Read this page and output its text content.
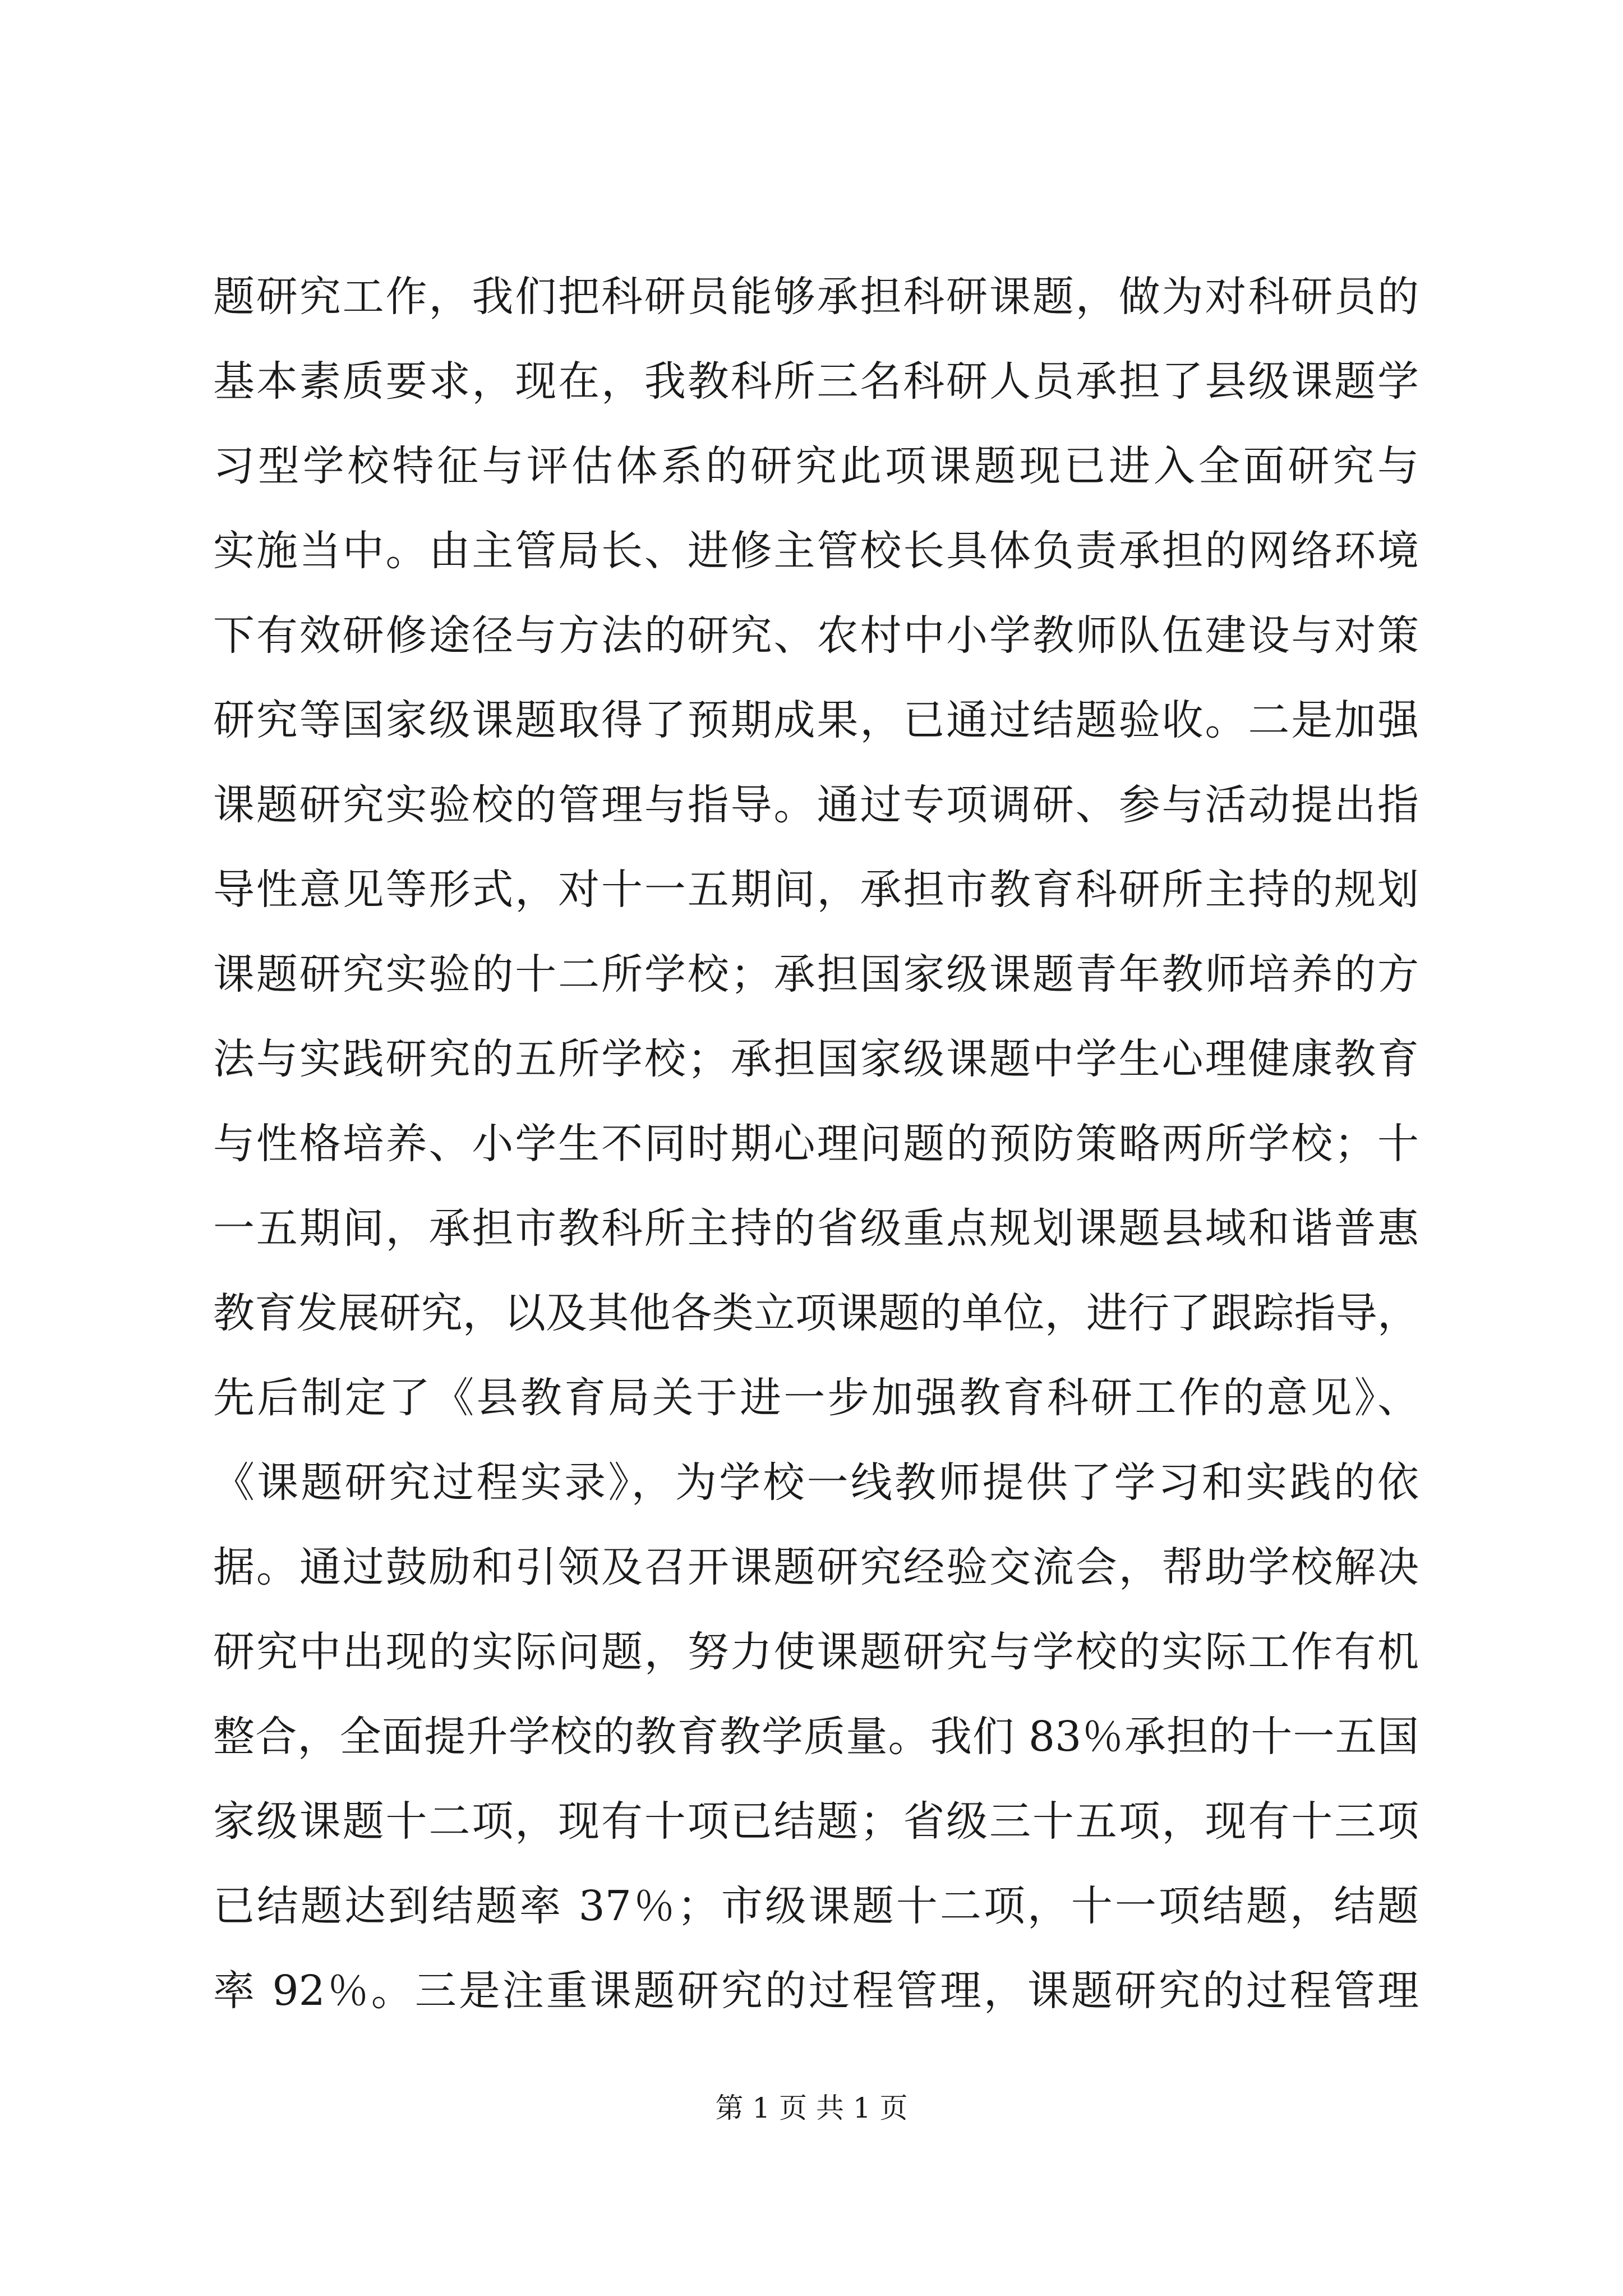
题研究工作，我们把科研员能够承担科研课题，做为对科研员的
基本素质要求，现在，我教科所三名科研人员承担了县级课题学
习型学校特征与评估体系的研究此项课题现已进入全面研究与
实施当中。由主管局长、进修主管校长具体负责承担的网络环境
下有效研修途径与方法的研究、农村中小学教师队伍建设与对策
研究等国家级课题取得了预期成果，已通过结题验收。二是加强
课题研究实验校的管理与指导。通过专项调研、参与活动提出指
导性意见等形式，对十一五期间，承担市教育科研所主持的规划
课题研究实验的十二所学校；承担国家级课题青年教师培养的方
法与实践研究的五所学校；承担国家级课题中学生心理健康教育
与性格培养、小学生不同时期心理问题的预防策略两所学校；十
一五期间，承担市教科所主持的省级重点规划课题县域和谐普惠
教育发展研究，以及其他各类立项课题的单位，进行了跟踪指导，
先后制定了《县教育局关于进一步加强教育科研工作的意见》、
《课题研究过程实录》，为学校一线教师提供了学习和实践的依
据。通过鼓励和引领及召开课题研究经验交流会，帮助学校解决
研究中出现的实际问题，努力使课题研究与学校的实际工作有机
整合，全面提升学校的教育教学质量。我们 83％承担的十一五国
家级课题十二项，现有十项已结题；省级三十五项，现有十三项
已结题达到结题率 37％；市级课题十二项，十一项结题，结题
率 92％。三是注重课题研究的过程管理，课题研究的过程管理
第 1 页 共 1 页
